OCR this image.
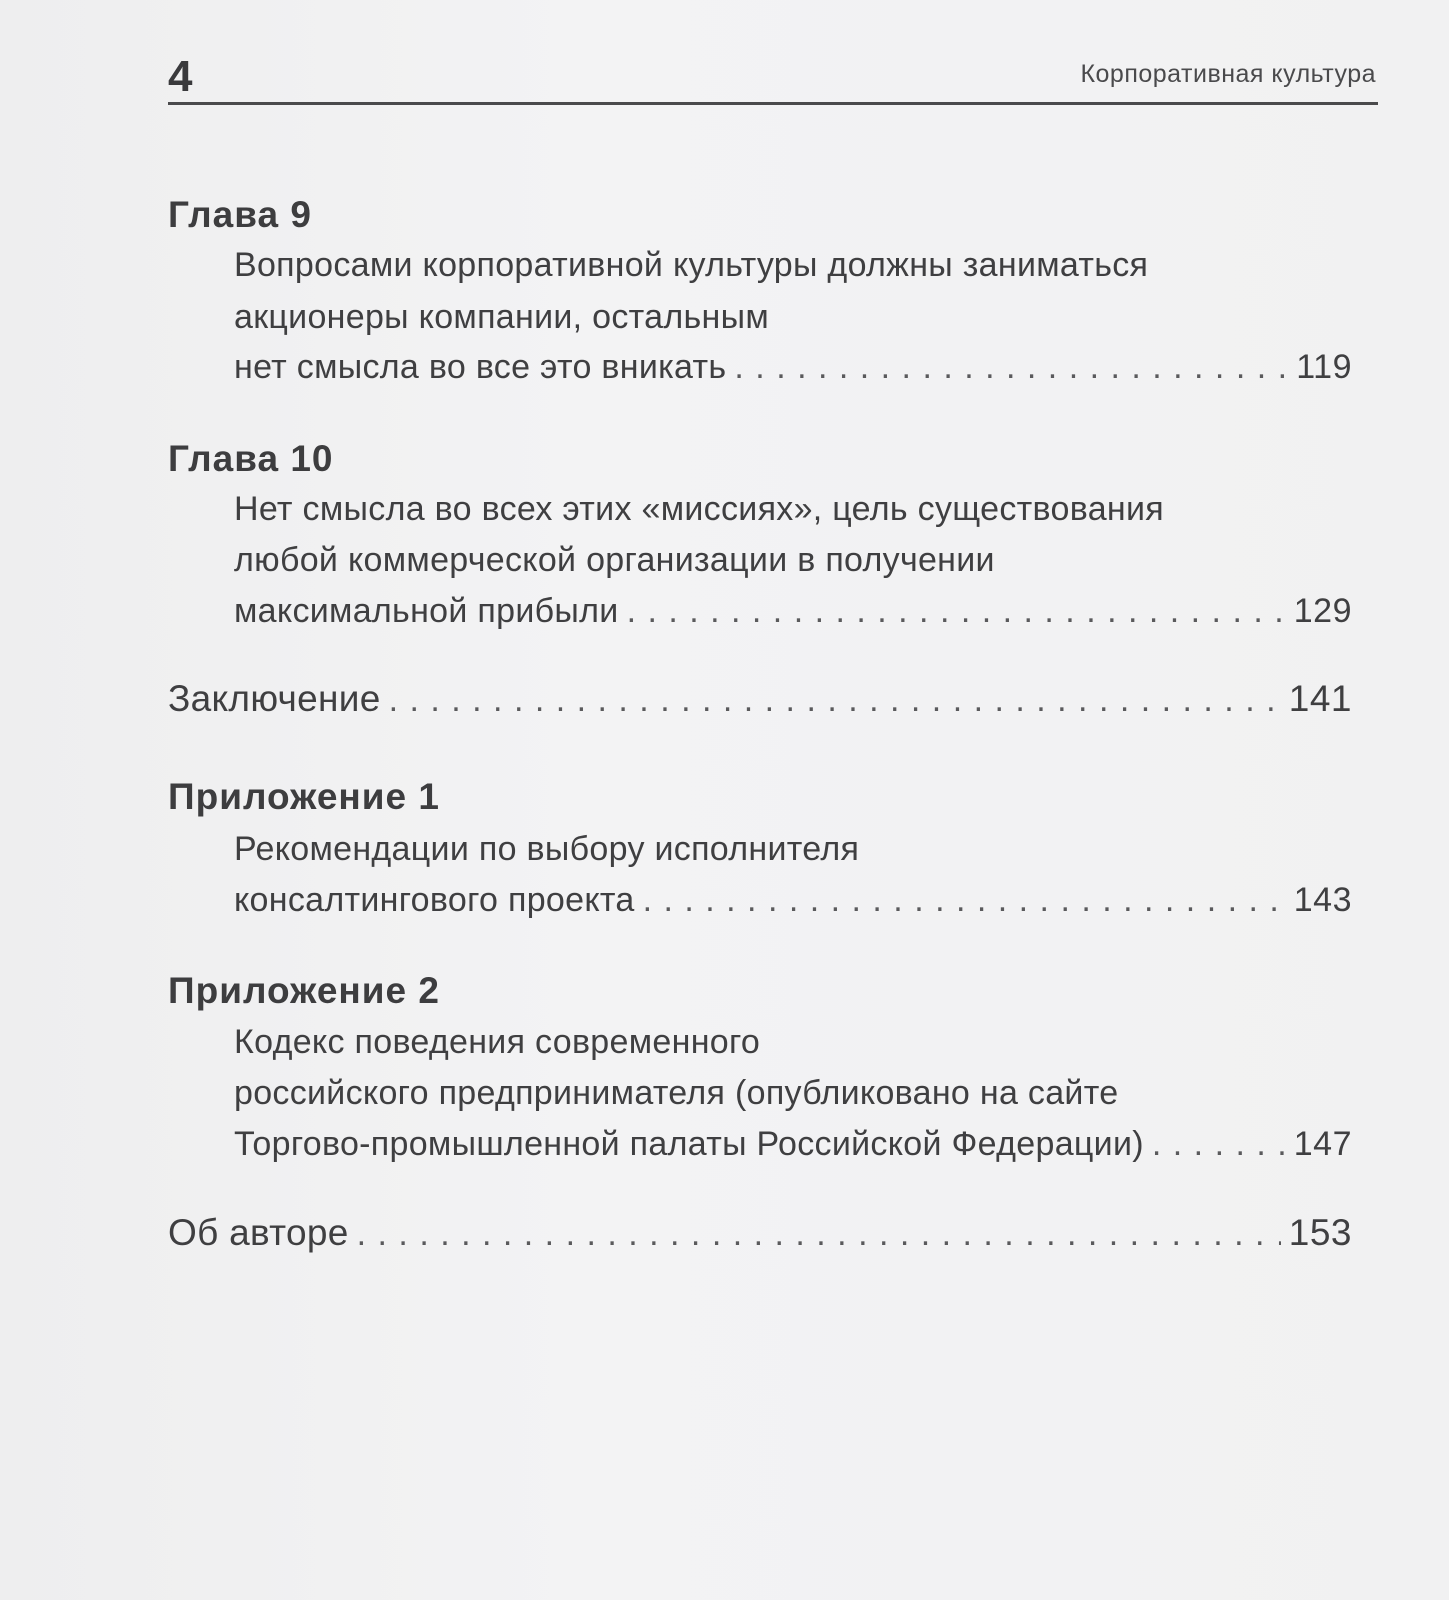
4	Корпоративная культура
Глава 9
Вопросами корпоративной культуры должны заниматься
акционеры компании, остальным
нет смысла во все это вникать . . .	119
Глава 10
Нет смысла во всех этих «миссиях», цель существования
любой коммерческой организации в получении
максимальной прибыли . . .	129
Заключение . . .	141
Приложение 1
Рекомендации по выбору исполнителя
консалтингового проекта . . .	143
Приложение 2
Кодекс поведения современного
российского предпринимателя (опубликовано на сайте
Торгово-промышленной палаты Российской Федерации) . . .	147
Об авторе . . .	153
